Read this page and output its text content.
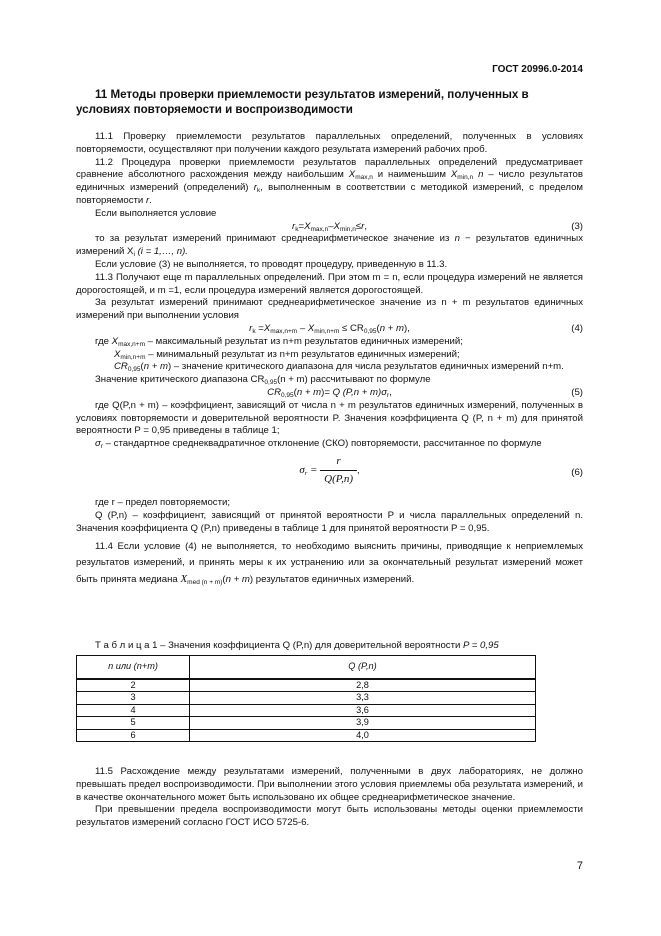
ГОСТ 20996.0-2014
11 Методы проверки приемлемости результатов измерений, полученных в условиях повторяемости и воспроизводимости

11.1 Проверку приемлемости результатов параллельных определений, полученных в условиях повторяемости, осуществляют при получении каждого результата измерений рабочих проб.

11.2 Процедура проверки приемлемости результатов параллельных определений предусматривает сравнение абсолютного расхождения между наибольшим $X_{max,n}$ и наименьшим $X_{min,n}$ n – число результатов единичных измерений (определений) $r_k$, выполненным в соответствии с методикой измерений, с пределом повторяемости r.

Если выполняется условие

$r_k=X_{max,n}-X_{min,n}\le r$,	(3)

то за результат измерений принимают среднеарифметическое значение из n − результатов единичных измерений $X_i$ (i = 1,…, n).

Если условие (3) не выполняется, то проводят процедуру, приведенную в 11.3.

11.3 Получают еще m параллельных определений. При этом m = n, если процедура измерений не является дорогостоящей, и m =1, если процедура измерений является дорогостоящей.

За результат измерений принимают среднеарифметическое значение из n + m результатов единичных измерений при выполнении условия

$r_k =X_{max,n+m} - X_{min,n+m} \le CR_{0,95}(n + m)$,	(4)

где $X_{max,n+m}$ – максимальный результат из n+m результатов единичных измерений;

$X_{min,n+m}$ – минимальный результат из n+m результатов единичных измерений;

$CR_{0,95}(n + m)$ – значение критического диапазона для числа результатов единичных измерений n+m.

Значение критического диапазона $CR_{0,95}(n + m)$ рассчитывают по формуле

$CR_{0,95}(n + m)= Q$ $(P,n + m)\sigma_r$,	(5)

где Q(P,n + m) – коэффициент, зависящий от числа n + m результатов единичных измерений, полученных в условиях повторяемости и доверительной вероятности P. Значения коэффициента Q (P, n + m) для принятой вероятности P = 0,95 приведены в таблице 1;

$\sigma_r$ – стандартное среднеквадратичное отклонение (СКО) повторяемости, рассчитанное по формуле

$\sigma_r = \frac{r}{Q(P,n)}$ ,	(6)

где r – предел повторяемости;

Q (P,n) – коэффициент, зависящий от принятой вероятности P и числа параллельных определений n. Значения коэффициента Q (P,n) приведены в таблице 1 для принятой вероятности P = 0,95.

11.4 Если условие (4) не выполняется, то необходимо выяснить причины, приводящие к неприемлемых результатов измерений, и принять меры к их устранению или за окончательный результат измерений может быть принята медиана $X_{med (n + m)}(n + m)$ результатов единичных измерений.

Т а б л и ц а 1 – Значения коэффициента Q (P,n) для доверительной вероятности P = 0,95

n или (n+m)	Q (P,n)
2	2,8
3	3,3
4	3,6
5	3,9
6	4,0

11.5 Расхождение между результатами измерений, полученными в двух лабораториях, не должно превышать предел воспроизводимости. При выполнении этого условия приемлемы оба результата измерений, и в качестве окончательного может быть использовано их общее среднеарифметическое значение.

При превышении предела воспроизводимости могут быть использованы методы оценки приемлемости результатов измерений согласно ГОСТ ИСО 5725-6.

7
